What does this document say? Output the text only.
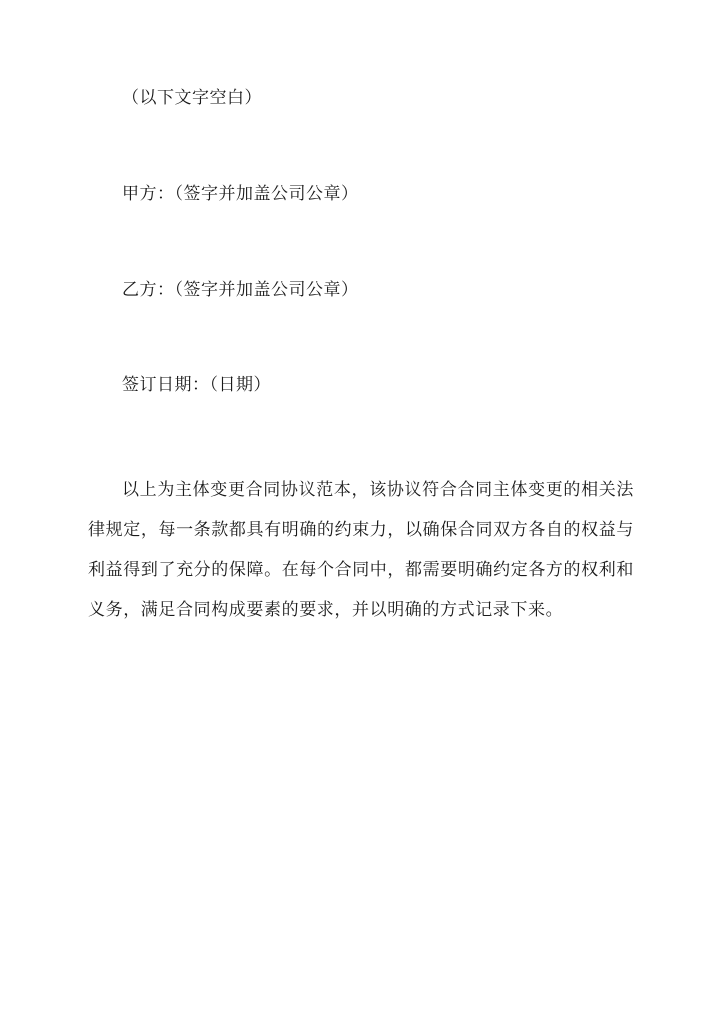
（以下文字空白）
甲方：（签字并加盖公司公章）
乙方：（签字并加盖公司公章）
签订日期：（日期）

以上为主体变更合同协议范本，该协议符合合同主体变更的相关法律规定，每一条款都具有明确的约束力，以确保合同双方各自的权益与利益得到了充分的保障。在每个合同中，都需要明确约定各方的权利和义务，满足合同构成要素的要求，并以明确的方式记录下来。
